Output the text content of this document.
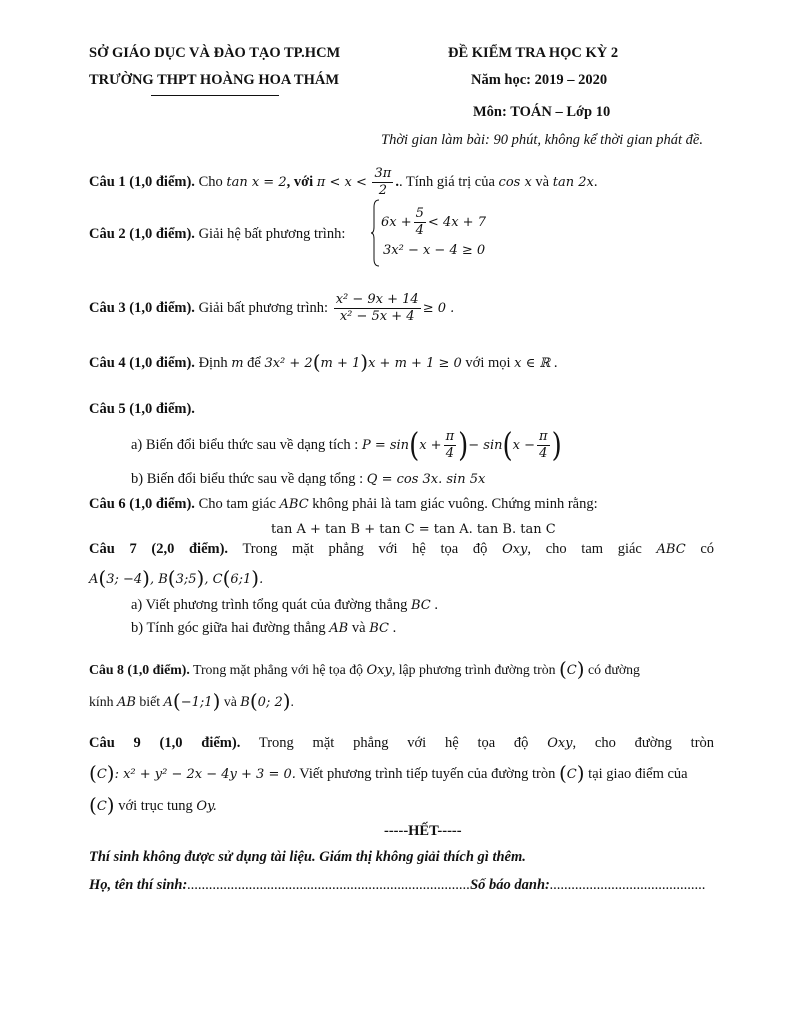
SỞ GIÁO DỤC VÀ ĐÀO TẠO TP.HCM
TRƯỜNG THPT HOÀNG HOA THÁM
ĐỀ KIỂM TRA HỌC KỲ 2
Năm học: 2019 – 2020
Môn: TOÁN – Lớp 10
Thời gian làm bài: 90 phút, không kể thời gian phát đề.
Câu 1 (1,0 điểm). Cho tan x = 2, với $\pi < x < \frac{3\pi}{2}$ .. Tính giá trị của cos x và tan 2x.
Câu 2 (1,0 điểm). Giải hệ bất phương trình:
$6x + \frac{5}{4} < 4x + 7$
3x² − x − 4 ≥ 0
Câu 3 (1,0 điểm). Giải bất phương trình: $\frac{\text{x² − 9x + 14}}{\text{x² − 5x + 4}} \ge 0$ .
Câu 4 (1,0 điểm). Định m để 3x² + 2(m + 1)x + m + 1 ≥ 0 với mọi x ∈ ℝ .
Câu 5 (1,0 điểm).
a) Biến đổi biểu thức sau về dạng tích : $P = \sin(x + \frac{\pi}{4}$ )− $\sin(x - \frac{\pi}{4}$ )
b) Biến đổi biểu thức sau về dạng tổng : Q = cos 3x. sin 5x
Câu 6 (1,0 điểm). Cho tam giác ABC không phải là tam giác vuông. Chứng minh rằng:
tan A + tan B + tan C = tan A. tan B. tan C
Câu 7 (2,0 điểm). Trong mặt phẳng với hệ tọa độ Oxy, cho tam giác ABC có
A(3; −4), B(3;5), C(6;1).
a) Viết phương trình tổng quát của đường thẳng BC .
b) Tính góc giữa hai đường thẳng AB và BC .
Câu 8 (1,0 điểm). Trong mặt phẳng với hệ tọa độ Oxy, lập phương trình đường tròn (C) có đường
kính AB biết A(−1;1) và B(0; 2).
Câu 9 (1,0 điểm). Trong mặt phẳng với hệ tọa độ Oxy, cho đường tròn
(C): x² + y² − 2x − 4y + 3 = 0. Viết phương trình tiếp tuyến của đường tròn (C) tại giao điểm của
(C) với trục tung Oy.
-----HẾT-----
Thí sinh không được sử dụng tài liệu. Giám thị không giải thích gì thêm.
Họ, tên thí sinh:..............................................................................Số báo danh:...........................................
